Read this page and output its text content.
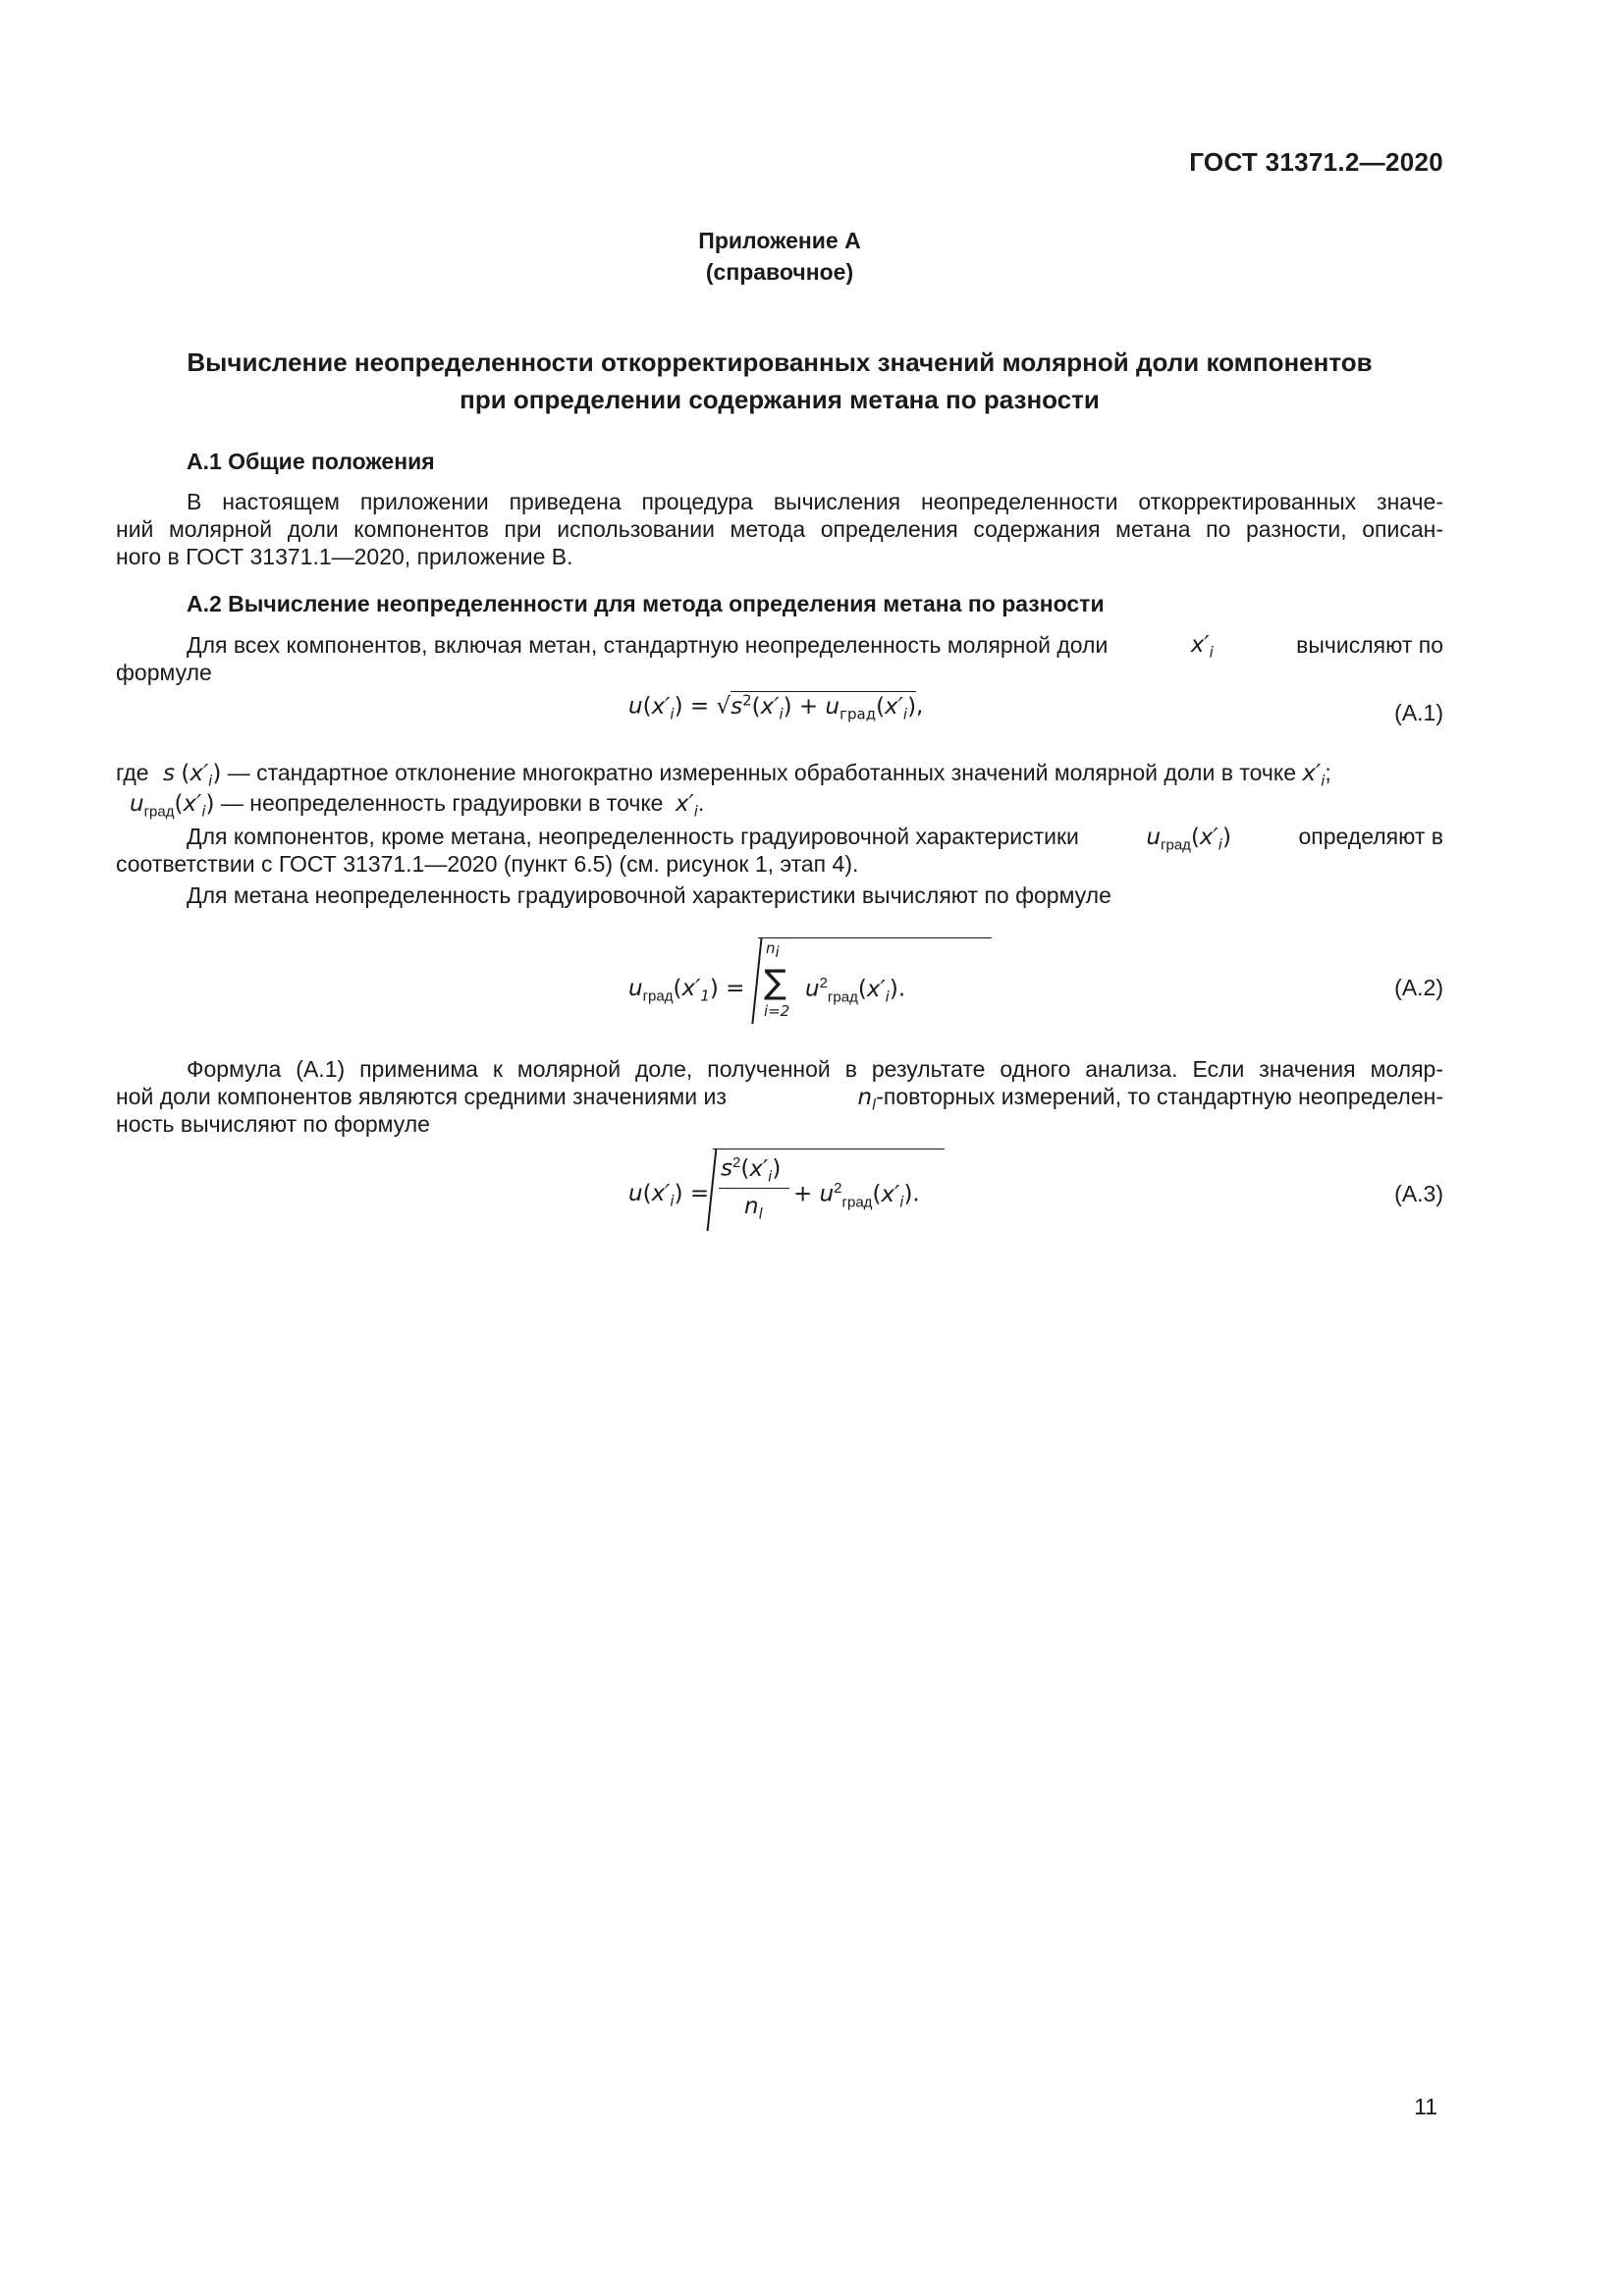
ГОСТ 31371.2—2020
Приложение А
(справочное)
Вычисление неопределенности откорректированных значений молярной доли компонентов
при определении содержания метана по разности
А.1 Общие положения
В настоящем приложении приведена процедура вычисления неопределенности откорректированных значе-
ний молярной доли компонентов при использовании метода определения содержания метана по разности, описан-
ного в ГОСТ 31371.1—2020, приложение В.
А.2 Вычисление неопределенности для метода определения метана по разности
Для всех компонентов, включая метан, стандартную неопределенность молярной доли	$x'_i$	вычисляют по
формуле
$u(x'_i) = √s^2(x'_i) + u_{град}(x'_i)$,	(А.1)
где s $(x'_i)$ — стандартное отклонение многократно измеренных обработанных значений молярной доли в точке $x'_i$;
$u_{град}(x'_i)$ — неопределенность градуировки в точке $x'_i$.
Для компонентов, кроме метана, неопределенность градуировочной характеристики	$u_{град}(x'_i)$	определяют в
соответствии с ГОСТ 31371.1—2020 (пункт 6.5) (см. рисунок 1, этап 4).
Для метана неопределенность градуировочной характеристики вычисляют по формуле
$u_{град}(x'_1)$ =
$n_i$
∑
i=2
$u^2_{град}(x'_i)$.	(А.2)
Формула (А.1) применима к молярной доле, полученной в результате одного анализа. Если значения моляр-
ной доли компонентов являются средними значениями из	$n_l$-повторных измерений, то стандартную неопределен-
ность вычисляют по формуле
$u(x'_i)$ =
$s^2(x'_i)$
$n_l$
+ $u^2_{град}(x'_i)$.	(А.3)
11
